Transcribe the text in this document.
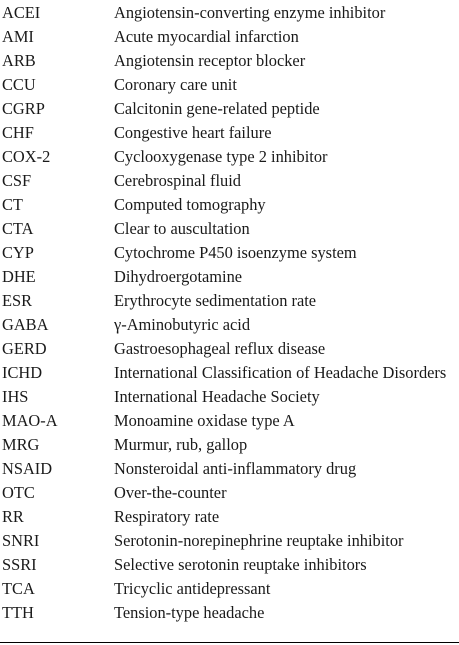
ACEI	Angiotensin-converting enzyme inhibitor
AMI	Acute myocardial infarction
ARB	Angiotensin receptor blocker
CCU	Coronary care unit
CGRP	Calcitonin gene-related peptide
CHF	Congestive heart failure
COX-2	Cyclooxygenase type 2 inhibitor
CSF	Cerebrospinal fluid
CT	Computed tomography
CTA	Clear to auscultation
CYP	Cytochrome P450 isoenzyme system
DHE	Dihydroergotamine
ESR	Erythrocyte sedimentation rate
GABA	γ-Aminobutyric acid
GERD	Gastroesophageal reflux disease
ICHD	International Classification of Headache Disorders
IHS	International Headache Society
MAO-A	Monoamine oxidase type A
MRG	Murmur, rub, gallop
NSAID	Nonsteroidal anti-inflammatory drug
OTC	Over-the-counter
RR	Respiratory rate
SNRI	Serotonin-norepinephrine reuptake inhibitor
SSRI	Selective serotonin reuptake inhibitors
TCA	Tricyclic antidepressant
TTH	Tension-type headache
